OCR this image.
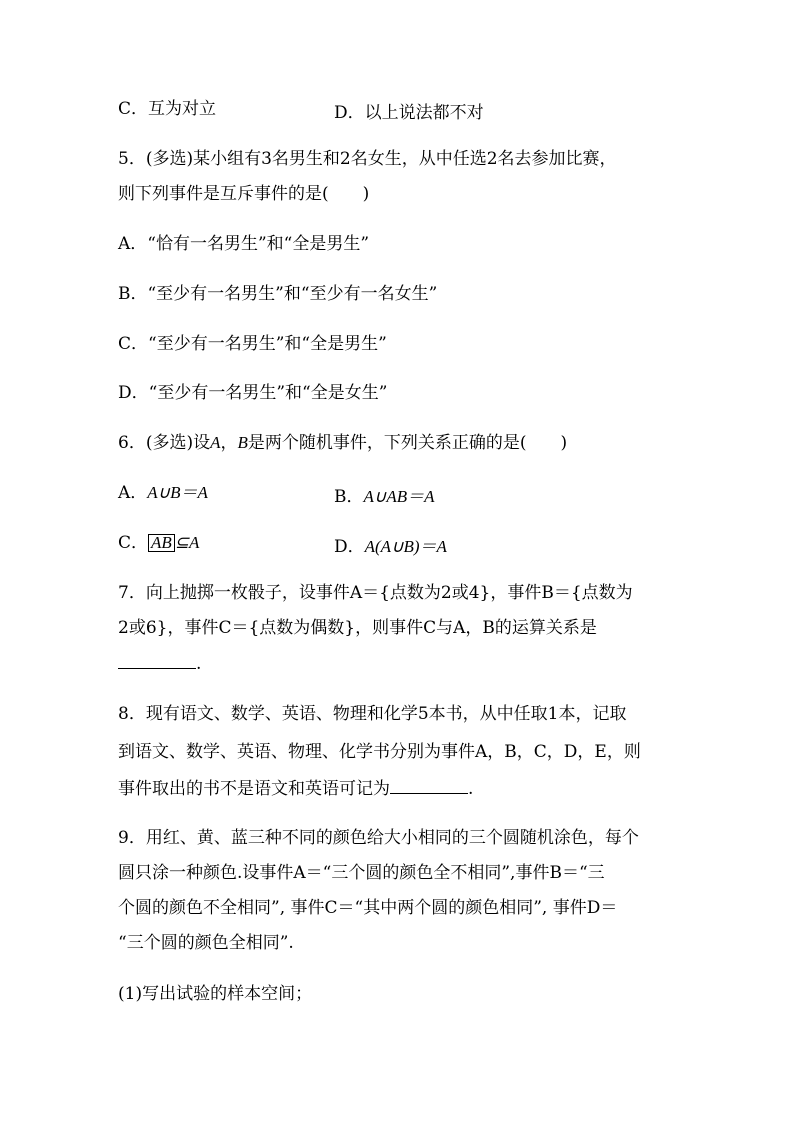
C．互为对立	D．以上说法都不对
5．(多选)某小组有3名男生和2名女生，从中任选2名去参加比赛，
则下列事件是互斥事件的是(　　)
A．“恰有一名男生”和“全是男生”
B．“至少有一名男生”和“至少有一名女生”
C．“至少有一名男生”和“全是男生”
D．“至少有一名男生”和“全是女生”
6．(多选)设A，B是两个随机事件，下列关系正确的是(　　)
A．A∪B＝A	B．A∪AB＝A
C． AB ⊆A	D．A(A∪B)＝A
7．向上抛掷一枚骰子，设事件A＝{点数为2或4}，事件B＝{点数为
2或6}，事件C＝{点数为偶数}，则事件C与A，B的运算关系是
.
8．现有语文、数学、英语、物理和化学5本书，从中任取1本，记取
到语文、数学、英语、物理、化学书分别为事件A，B，C，D，E，则
事件取出的书不是语文和英语可记为	.
9．用红、黄、蓝三种不同的颜色给大小相同的三个圆随机涂色，每个
圆只涂一种颜色.设事件A＝“三个圆的颜色全不相同”,事件B＝“三
个圆的颜色不全相同”, 事件C＝“其中两个圆的颜色相同”, 事件D＝
“三个圆的颜色全相同”.
(1)写出试验的样本空间；
